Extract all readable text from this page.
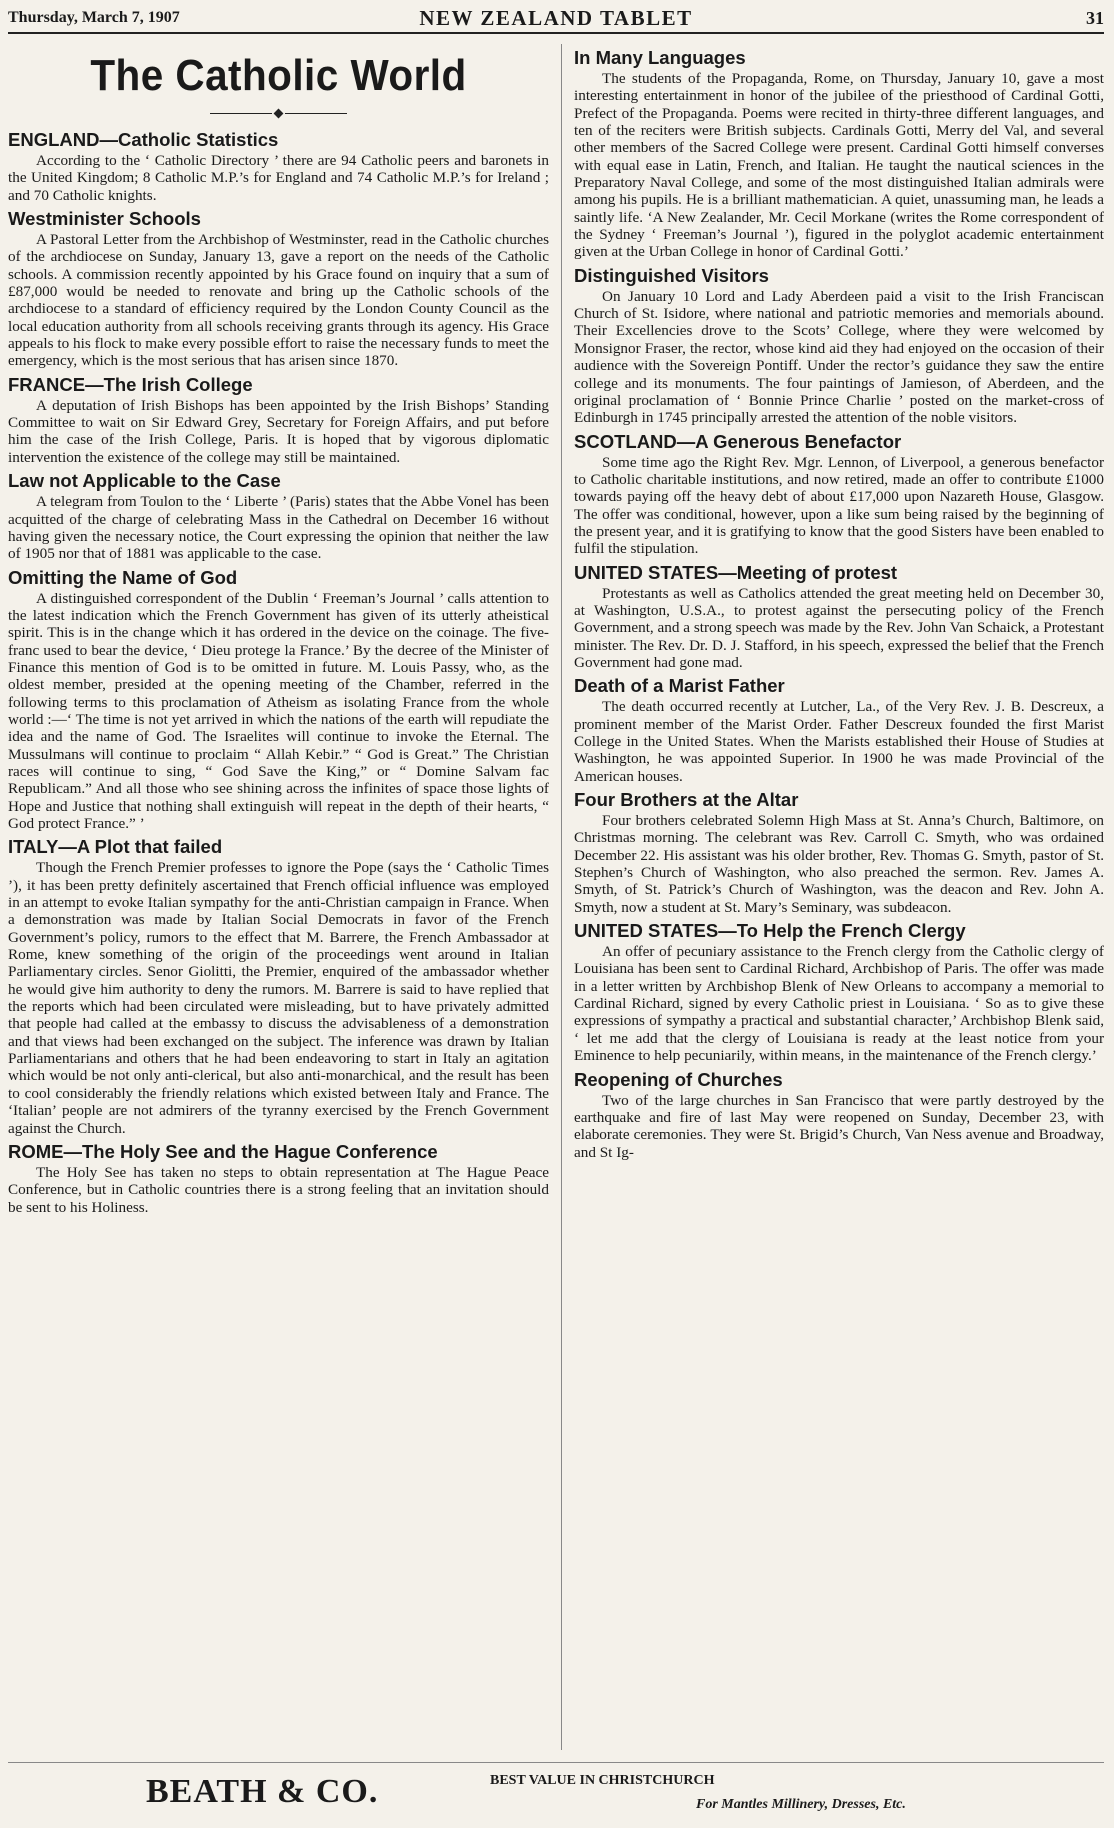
Thursday, March 7, 1907	NEW ZEALAND TABLET	31
The Catholic World
ENGLAND—Catholic Statistics

According to the ‘ Catholic Directory ’ there are 94 Catholic peers and baronets in the United Kingdom; 8 Catholic M.P.’s for England and 74 Catholic M.P.’s for Ireland ; and 70 Catholic knights.

Westminister Schools

A Pastoral Letter from the Archbishop of Westminster, read in the Catholic churches of the archdiocese on Sunday, January 13, gave a report on the needs of the Catholic schools. A commission recently appointed by his Grace found on inquiry that a sum of £87,000 would be needed to renovate and bring up the Catholic schools of the archdiocese to a standard of efficiency required by the London County Council as the local education authority from all schools receiving grants through its agency. His Grace appeals to his flock to make every possible effort to raise the necessary funds to meet the emergency, which is the most serious that has arisen since 1870.

FRANCE—The Irish College

A deputation of Irish Bishops has been appointed by the Irish Bishops’ Standing Committee to wait on Sir Edward Grey, Secretary for Foreign Affairs, and put before him the case of the Irish College, Paris. It is hoped that by vigorous diplomatic intervention the existence of the college may still be maintained.

Law not Applicable to the Case

A telegram from Toulon to the ‘ Liberte ’ (Paris) states that the Abbe Vonel has been acquitted of the charge of celebrating Mass in the Cathedral on December 16 without having given the necessary notice, the Court expressing the opinion that neither the law of 1905 nor that of 1881 was applicable to the case.

Omitting the Name of God

A distinguished correspondent of the Dublin ‘ Freeman’s Journal ’ calls attention to the latest indication which the French Government has given of its utterly atheistical spirit. This is in the change which it has ordered in the device on the coinage. The five-franc used to bear the device, ‘ Dieu protege la France.’ By the decree of the Minister of Finance this mention of God is to be omitted in future. M. Louis Passy, who, as the oldest member, presided at the opening meeting of the Chamber, referred in the following terms to this proclamation of Atheism as isolating France from the whole world :—‘ The time is not yet arrived in which the nations of the earth will repudiate the idea and the name of God. The Israelites will continue to invoke the Eternal. The Mussulmans will continue to proclaim “ Allah Kebir.” “ God is Great.” The Christian races will continue to sing, “ God Save the King,” or “ Domine Salvam fac Republicam.” And all those who see shining across the infinites of space those lights of Hope and Justice that nothing shall extinguish will repeat in the depth of their hearts, “ God protect France.” ’

ITALY—A Plot that failed

Though the French Premier professes to ignore the Pope (says the ‘ Catholic Times ’), it has been pretty definitely ascertained that French official influence was employed in an attempt to evoke Italian sympathy for the anti-Christian campaign in France. When a demonstration was made by Italian Social Democrats in favor of the French Government’s policy, rumors to the effect that M. Barrere, the French Ambassador at Rome, knew something of the origin of the proceedings went around in Italian Parliamentary circles. Senor Giolitti, the Premier, enquired of the ambassador whether he would give him authority to deny the rumors. M. Barrere is said to have replied that the reports which had been circulated were misleading, but to have privately admitted that people had called at the embassy to discuss the advisableness of a demonstration and that views had been exchanged on the subject. The inference was drawn by Italian Parliamentarians and others that he had been endeavoring to start in Italy an agitation which would be not only anti-clerical, but also anti-monarchical, and the result has been to cool considerably the friendly relations which existed between Italy and France. The ‘Italian’ people are not admirers of the tyranny exercised by the French Government against the Church.

ROME—The Holy See and the Hague Conference

The Holy See has taken no steps to obtain representation at The Hague Peace Conference, but in Catholic countries there is a strong feeling that an invitation should be sent to his Holiness.

In Many Languages

The students of the Propaganda, Rome, on Thursday, January 10, gave a most interesting entertainment in honor of the jubilee of the priesthood of Cardinal Gotti, Prefect of the Propaganda. Poems were recited in thirty-three different languages, and ten of the reciters were British subjects. Cardinals Gotti, Merry del Val, and several other members of the Sacred College were present. Cardinal Gotti himself converses with equal ease in Latin, French, and Italian. He taught the nautical sciences in the Preparatory Naval College, and some of the most distinguished Italian admirals were among his pupils. He is a brilliant mathematician. A quiet, unassuming man, he leads a saintly life. ‘A New Zealander, Mr. Cecil Morkane (writes the Rome correspondent of the Sydney ‘ Freeman’s Journal ’), figured in the polyglot academic entertainment given at the Urban College in honor of Cardinal Gotti.’

Distinguished Visitors

On January 10 Lord and Lady Aberdeen paid a visit to the Irish Franciscan Church of St. Isidore, where national and patriotic memories and memorials abound. Their Excellencies drove to the Scots’ College, where they were welcomed by Monsignor Fraser, the rector, whose kind aid they had enjoyed on the occasion of their audience with the Sovereign Pontiff. Under the rector’s guidance they saw the entire college and its monuments. The four paintings of Jamieson, of Aberdeen, and the original proclamation of ‘ Bonnie Prince Charlie ’ posted on the market-cross of Edinburgh in 1745 principally arrested the attention of the noble visitors.

SCOTLAND—A Generous Benefactor

Some time ago the Right Rev. Mgr. Lennon, of Liverpool, a generous benefactor to Catholic charitable institutions, and now retired, made an offer to contribute £1000 towards paying off the heavy debt of about £17,000 upon Nazareth House, Glasgow. The offer was conditional, however, upon a like sum being raised by the beginning of the present year, and it is gratifying to know that the good Sisters have been enabled to fulfil the stipulation.

UNITED STATES—Meeting of protest

Protestants as well as Catholics attended the great meeting held on December 30, at Washington, U.S.A., to protest against the persecuting policy of the French Government, and a strong speech was made by the Rev. John Van Schaick, a Protestant minister. The Rev. Dr. D. J. Stafford, in his speech, expressed the belief that the French Government had gone mad.

Death of a Marist Father

The death occurred recently at Lutcher, La., of the Very Rev. J. B. Descreux, a prominent member of the Marist Order. Father Descreux founded the first Marist College in the United States. When the Marists established their House of Studies at Washington, he was appointed Superior. In 1900 he was made Provincial of the American houses.

Four Brothers at the Altar

Four brothers celebrated Solemn High Mass at St. Anna’s Church, Baltimore, on Christmas morning. The celebrant was Rev. Carroll C. Smyth, who was ordained December 22. His assistant was his older brother, Rev. Thomas G. Smyth, pastor of St. Stephen’s Church of Washington, who also preached the sermon. Rev. James A. Smyth, of St. Patrick’s Church of Washington, was the deacon and Rev. John A. Smyth, now a student at St. Mary’s Seminary, was subdeacon.

UNITED STATES—To Help the French Clergy

An offer of pecuniary assistance to the French clergy from the Catholic clergy of Louisiana has been sent to Cardinal Richard, Archbishop of Paris. The offer was made in a letter written by Archbishop Blenk of New Orleans to accompany a memorial to Cardinal Richard, signed by every Catholic priest in Louisiana. ‘ So as to give these expressions of sympathy a practical and substantial character,’ Archbishop Blenk said, ‘ let me add that the clergy of Louisiana is ready at the least notice from your Eminence to help pecuniarily, within means, in the maintenance of the French clergy.’

Reopening of Churches

Two of the large churches in San Francisco that were partly destroyed by the earthquake and fire of last May were reopened on Sunday, December 23, with elaborate ceremonies. They were St. Brigid’s Church, Van Ness avenue and Broadway, and St Ig-

BEATH & CO.	BEST VALUE IN CHRISTCHURCH
For Mantles Millinery, Dresses, Etc.
